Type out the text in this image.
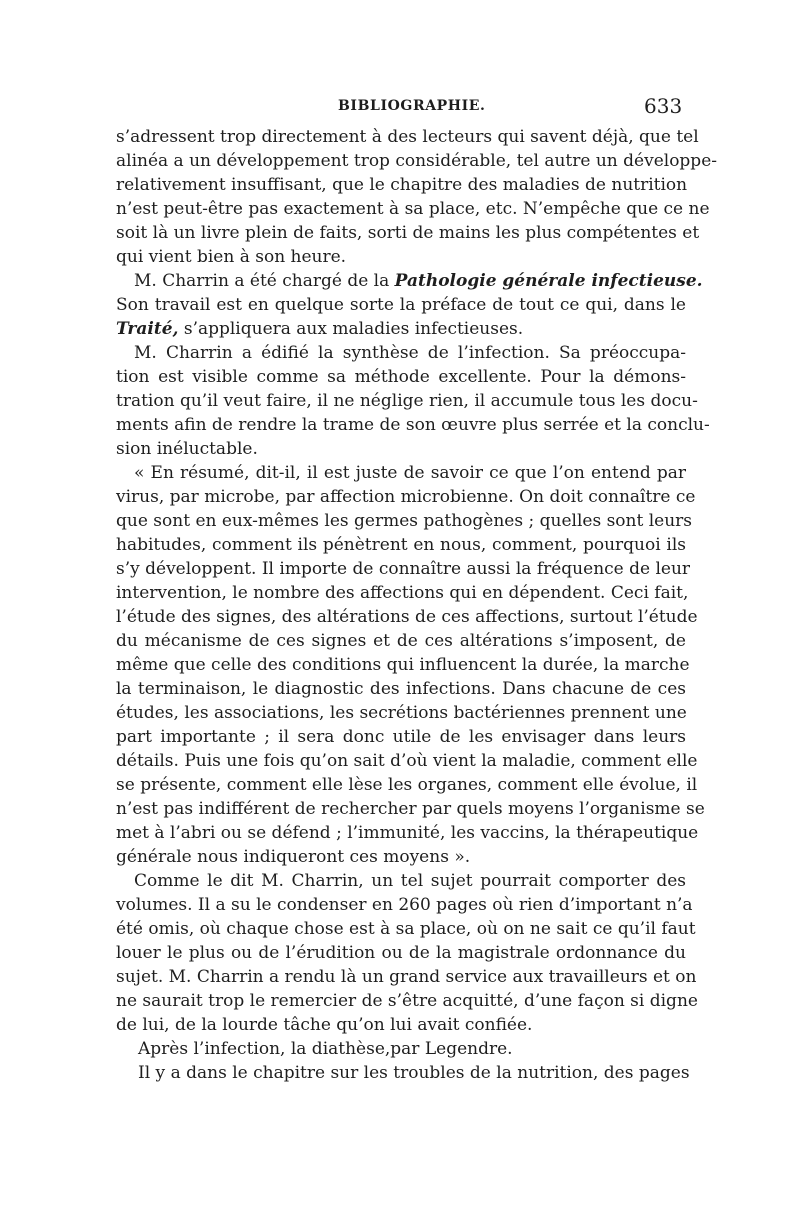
BIBLIOGRAPHIE.	633
s’adressent trop directement à des lecteurs qui savent déjà, que tel
alinéa a un développement trop considérable, tel autre un développe-
relativement insuffisant, que le chapitre des maladies de nutrition
n’est peut-être pas exactement à sa place, etc. N’empêche que ce ne
soit là un livre plein de faits, sorti de mains les plus compétentes et
qui vient bien à son heure.
M. Charrin a été chargé de la Pathologie générale infectieuse.
Son travail est en quelque sorte la préface de tout ce qui, dans le
Traité, s’appliquera aux maladies infectieuses.
M. Charrin a édifié la synthèse de l’infection. Sa préoccupa-
tion est visible comme sa méthode excellente. Pour la démons-
tration qu’il veut faire, il ne néglige rien, il accumule tous les docu-
ments afin de rendre la trame de son œuvre plus serrée et la conclu-
sion inéluctable.
« En résumé, dit-il, il est juste de savoir ce que l’on entend par
virus, par microbe, par affection microbienne. On doit connaître ce
que sont en eux-mêmes les germes pathogènes ; quelles sont leurs
habitudes, comment ils pénètrent en nous, comment, pourquoi ils
s’y développent. Il importe de connaître aussi la fréquence de leur
intervention, le nombre des affections qui en dépendent. Ceci fait,
l’étude des signes, des altérations de ces affections, surtout l’étude
du mécanisme de ces signes et de ces altérations s’imposent, de
même que celle des conditions qui influencent la durée, la marche
la terminaison, le diagnostic des infections. Dans chacune de ces
études, les associations, les secrétions bactériennes prennent une
part importante ; il sera donc utile de les envisager dans leurs
détails. Puis une fois qu’on sait d’où vient la maladie, comment elle
se présente, comment elle lèse les organes, comment elle évolue, il
n’est pas indifférent de rechercher par quels moyens l’organisme se
met à l’abri ou se défend ; l’immunité, les vaccins, la thérapeutique
générale nous indiqueront ces moyens ».
Comme le dit M. Charrin, un tel sujet pourrait comporter des
volumes. Il a su le condenser en 260 pages où rien d’important n’a
été omis, où chaque chose est à sa place, où on ne sait ce qu’il faut
louer le plus ou de l’érudition ou de la magistrale ordonnance du
sujet. M. Charrin a rendu là un grand service aux travailleurs et on
ne saurait trop le remercier de s’être acquitté, d’une façon si digne
de lui, de la lourde tâche qu’on lui avait confiée.
Après l’infection, la diathèse,par Legendre.
Il y a dans le chapitre sur les troubles de la nutrition, des pages
